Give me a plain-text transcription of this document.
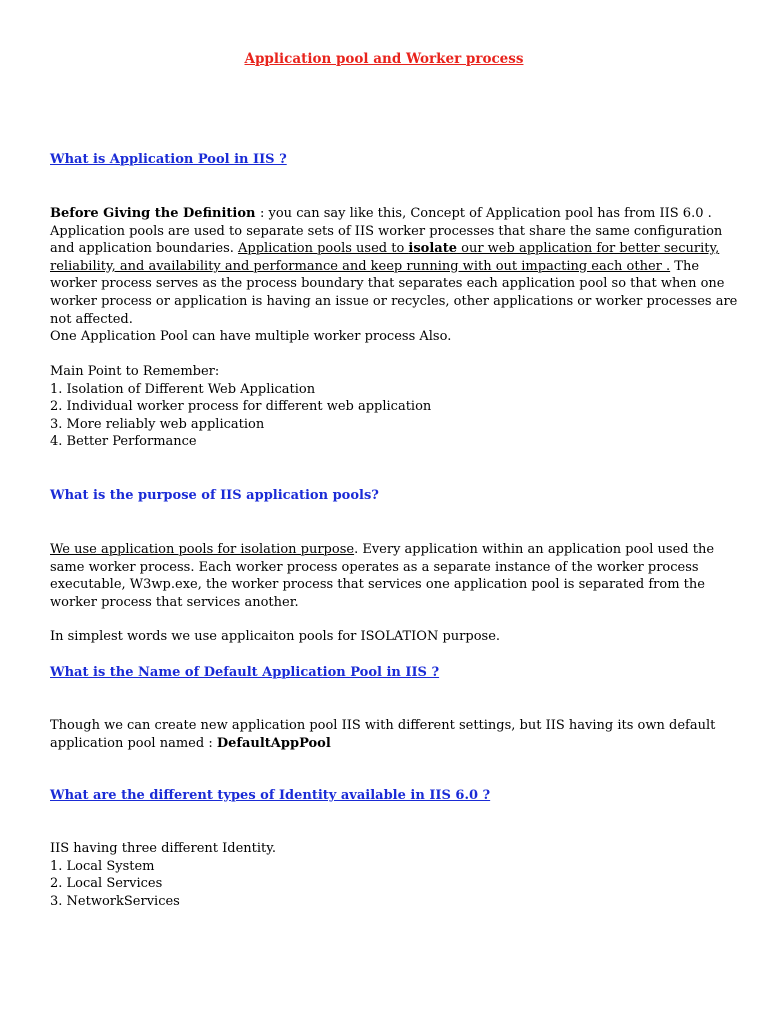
Application pool and Worker process
What is Application Pool in IIS ?
Before Giving the Definition : you can say like this, Concept of Application pool has from IIS 6.0 .
Application pools are used to separate sets of IIS worker processes that share the same configuration
and application boundaries. Application pools used to isolate our web application for better security,
reliability, and availability and performance and keep running with out impacting each other . The
worker process serves as the process boundary that separates each application pool so that when one
worker process or application is having an issue or recycles, other applications or worker processes are
not affected.
One Application Pool can have multiple worker process Also.
Main Point to Remember:
1. Isolation of Different Web Application
2. Individual worker process for different web application
3. More reliably web application
4. Better Performance
What is the purpose of IIS application pools?
We use application pools for isolation purpose. Every application within an application pool used the
same worker process. Each worker process operates as a separate instance of the worker process
executable, W3wp.exe, the worker process that services one application pool is separated from the
worker process that services another.
In simplest words we use applicaiton pools for ISOLATION purpose.
What is the Name of Default Application Pool in IIS ?
Though we can create new application pool IIS with different settings, but IIS having its own default
application pool named : DefaultAppPool
What are the different types of Identity available in IIS 6.0 ?
IIS having three different Identity.
1. Local System
2. Local Services
3. NetworkServices
